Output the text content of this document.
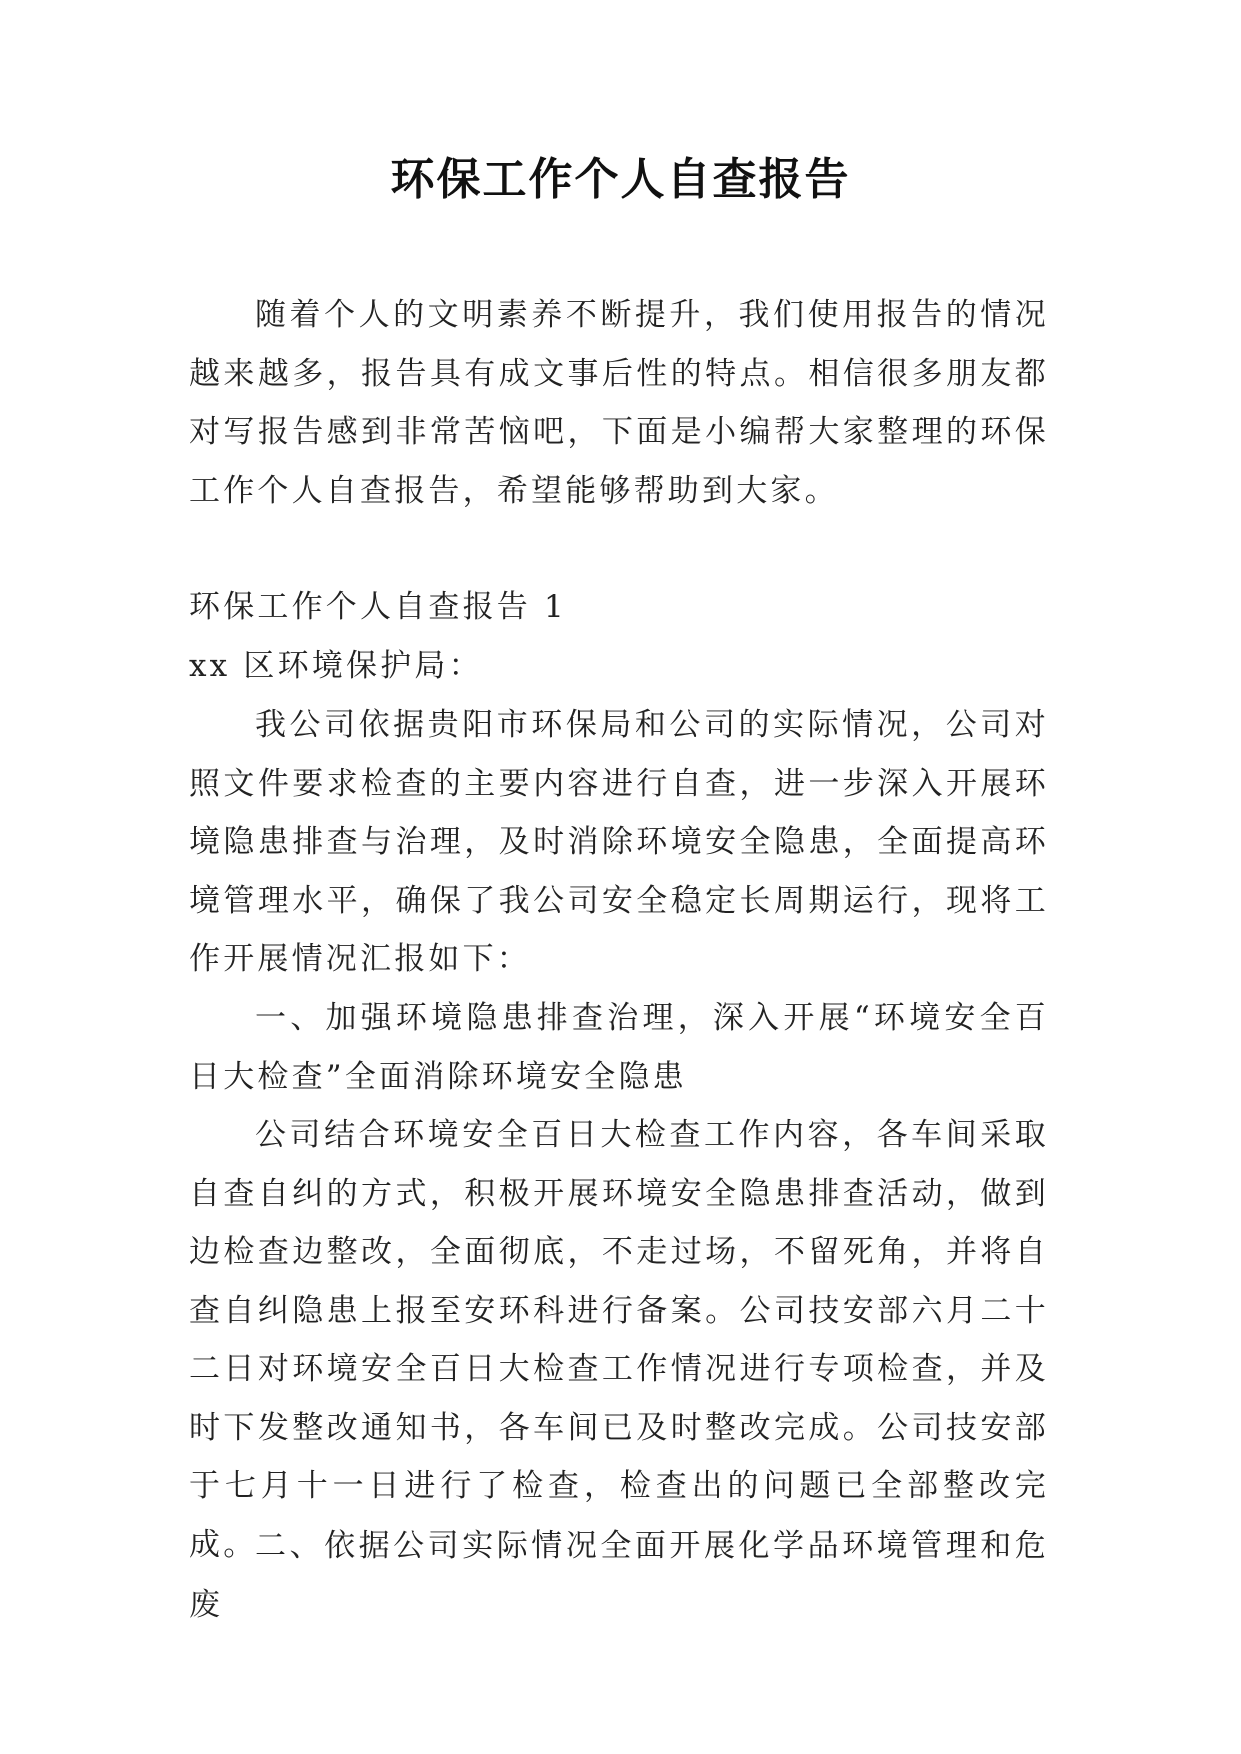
环保工作个人自查报告
随着个人的文明素养不断提升，我们使用报告的情况越来越多，报告具有成文事后性的特点。相信很多朋友都对写报告感到非常苦恼吧，下面是小编帮大家整理的环保工作个人自查报告，希望能够帮助到大家。
环保工作个人自查报告 1
xx 区环境保护局：
我公司依据贵阳市环保局和公司的实际情况，公司对照文件要求检查的主要内容进行自查，进一步深入开展环境隐患排查与治理，及时消除环境安全隐患，全面提高环境管理水平，确保了我公司安全稳定长周期运行，现将工作开展情况汇报如下：
一、加强环境隐患排查治理，深入开展“环境安全百日大检查”全面消除环境安全隐患
公司结合环境安全百日大检查工作内容，各车间采取自查自纠的方式，积极开展环境安全隐患排查活动，做到边检查边整改，全面彻底，不走过场，不留死角，并将自查自纠隐患上报至安环科进行备案。公司技安部六月二十二日对环境安全百日大检查工作情况进行专项检查，并及时下发整改通知书，各车间已及时整改完成。公司技安部于七月十一日进行了检查，检查出的问题已全部整改完成。
二、依据公司实际情况全面开展化学品环境管理和危废
